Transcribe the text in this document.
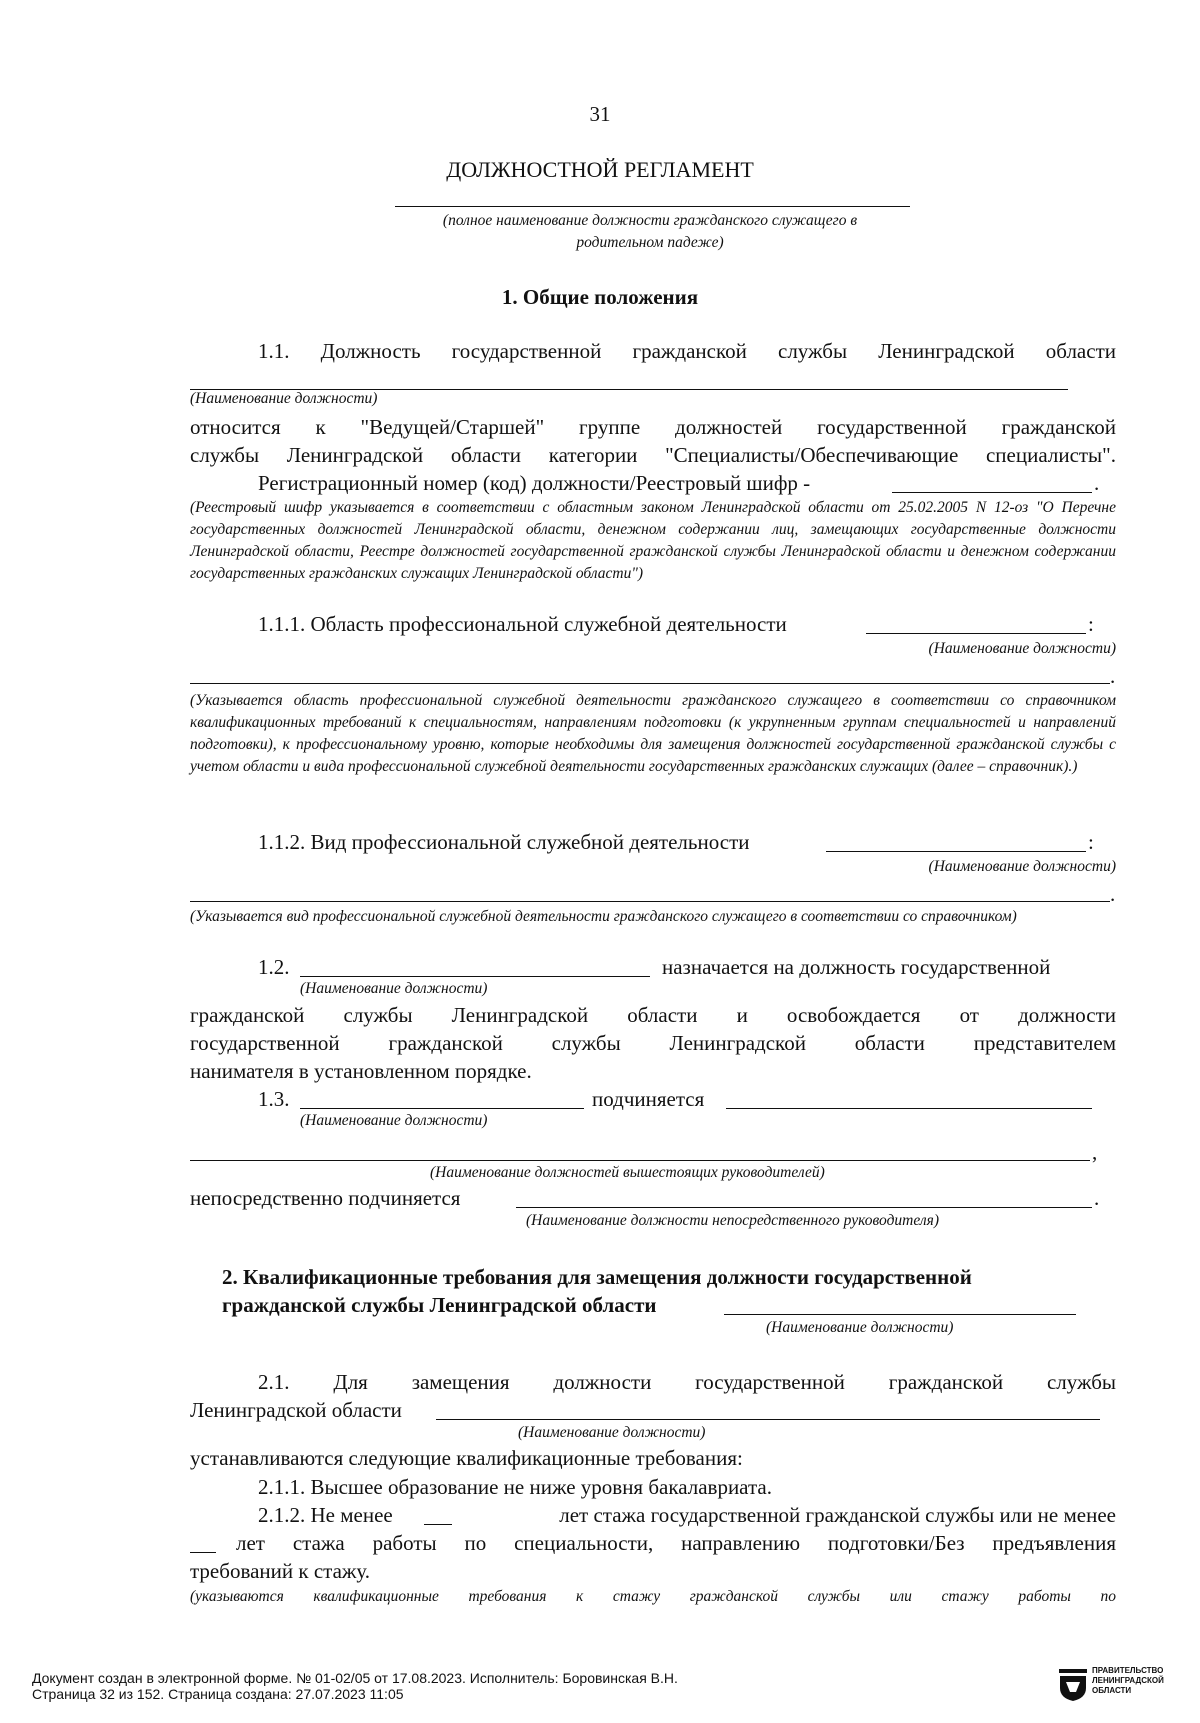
31
ДОЛЖНОСТНОЙ РЕГЛАМЕНТ
(полное наименование должности гражданского служащего в родительном падеже)
1. Общие положения
1.1. Должность государственной гражданской службы Ленинградской области
(Наименование должности)
относится к "Ведущей/Старшей" группе должностей государственной гражданской
службы Ленинградской области категории "Специалисты/Обеспечивающие специалисты".
Регистрационный номер (код) должности/Реестровый шифр -	.
(Реестровый шифр указывается в соответствии с областным законом Ленинградской области от 25.02.2005 N 12-оз "О Перечне государственных должностей Ленинградской области, денежном содержании лиц, замещающих государственные должности Ленинградской области, Реестре должностей государственной гражданской службы Ленинградской области и денежном содержании государственных гражданских служащих Ленинградской области")
1.1.1. Область профессиональной служебной деятельности	:
(Наименование должности)
.
(Указывается область профессиональной служебной деятельности гражданского служащего в соответствии со справочником квалификационных требований к специальностям, направлениям подготовки (к укрупненным группам специальностей и направлений подготовки), к профессиональному уровню, которые необходимы для замещения должностей государственной гражданской службы с учетом области и вида профессиональной служебной деятельности государственных гражданских служащих (далее – справочник).)
1.1.2. Вид профессиональной служебной деятельности	:
(Наименование должности)
.
(Указывается вид профессиональной служебной деятельности гражданского служащего в соответствии со справочником)
1.2.	назначается на должность государственной
(Наименование должности)
гражданской службы Ленинградской области и освобождается от должности
государственной гражданской службы Ленинградской области представителем
нанимателя в установленном порядке.
1.3.	подчиняется
(Наименование должности)
,
(Наименование должностей вышестоящих руководителей)
непосредственно подчиняется	.
(Наименование должности непосредственного руководителя)
2. Квалификационные требования для замещения должности государственной
гражданской службы Ленинградской области
(Наименование должности)
2.1. Для замещения должности государственной гражданской службы
Ленинградской области
(Наименование должности)
устанавливаются следующие квалификационные требования:
2.1.1. Высшее образование не ниже уровня бакалавриата.
2.1.2. Не менее	лет стажа государственной гражданской службы или не менее
лет стажа работы по специальности, направлению подготовки/Без предъявления
требований к стажу.
(указываются квалификационные требования к стажу гражданской службы или стажу работы по
Документ создан в электронной форме. № 01-02/05 от 17.08.2023. Исполнитель: Боровинская В.Н.
Страница 32 из 152. Страница создана: 27.07.2023 11:05
ПРАВИТЕЛЬСТВО
ЛЕНИНГРАДСКОЙ
ОБЛАСТИ
